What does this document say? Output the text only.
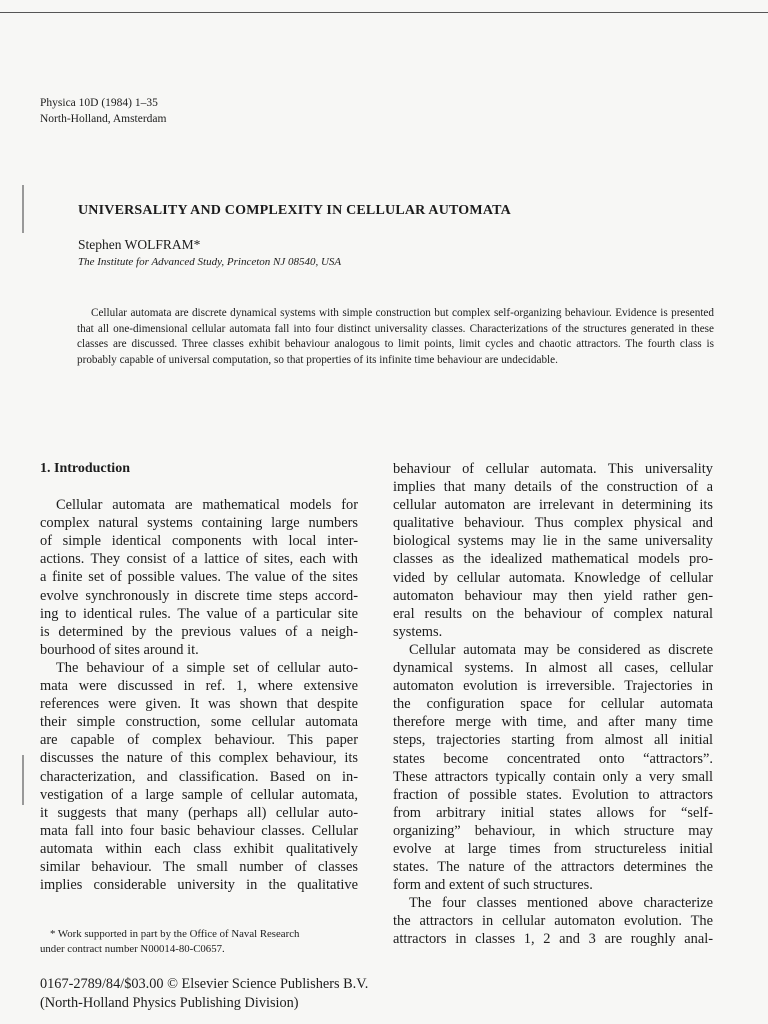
Physica 10D (1984) 1–35
North-Holland, Amsterdam
UNIVERSALITY AND COMPLEXITY IN CELLULAR AUTOMATA
Stephen WOLFRAM*
The Institute for Advanced Study, Princeton NJ 08540, USA
Cellular automata are discrete dynamical systems with simple construction but complex self-organizing behaviour. Evidence is presented that all one-dimensional cellular automata fall into four distinct universality classes. Characterizations of the structures generated in these classes are discussed. Three classes exhibit behaviour analogous to limit points, limit cycles and chaotic attractors. The fourth class is probably capable of universal computation, so that properties of its infinite time behaviour are undecidable.
1. Introduction
Cellular automata are mathematical models for
complex natural systems containing large numbers
of simple identical components with local inter-
actions. They consist of a lattice of sites, each with
a finite set of possible values. The value of the sites
evolve synchronously in discrete time steps accord-
ing to identical rules. The value of a particular site
is determined by the previous values of a neigh-
bourhood of sites around it.
The behaviour of a simple set of cellular auto-
mata were discussed in ref. 1, where extensive
references were given. It was shown that despite
their simple construction, some cellular automata
are capable of complex behaviour. This paper
discusses the nature of this complex behaviour, its
characterization, and classification. Based on in-
vestigation of a large sample of cellular automata,
it suggests that many (perhaps all) cellular auto-
mata fall into four basic behaviour classes. Cellular
automata within each class exhibit qualitatively
similar behaviour. The small number of classes
implies considerable university in the qualitative
behaviour of cellular automata. This universality
implies that many details of the construction of a
cellular automaton are irrelevant in determining its
qualitative behaviour. Thus complex physical and
biological systems may lie in the same universality
classes as the idealized mathematical models pro-
vided by cellular automata. Knowledge of cellular
automaton behaviour may then yield rather gen-
eral results on the behaviour of complex natural
systems.
Cellular automata may be considered as discrete
dynamical systems. In almost all cases, cellular
automaton evolution is irreversible. Trajectories in
the configuration space for cellular automata
therefore merge with time, and after many time
steps, trajectories starting from almost all initial
states become concentrated onto “attractors”.
These attractors typically contain only a very small
fraction of possible states. Evolution to attractors
from arbitrary initial states allows for “self-
organizing” behaviour, in which structure may
evolve at large times from structureless initial
states. The nature of the attractors determines the
form and extent of such structures.
The four classes mentioned above characterize
the attractors in cellular automaton evolution. The
attractors in classes 1, 2 and 3 are roughly anal-
* Work supported in part by the Office of Naval Research
under contract number N00014-80-C0657.
0167-2789/84/$03.00 © Elsevier Science Publishers B.V.
(North-Holland Physics Publishing Division)
